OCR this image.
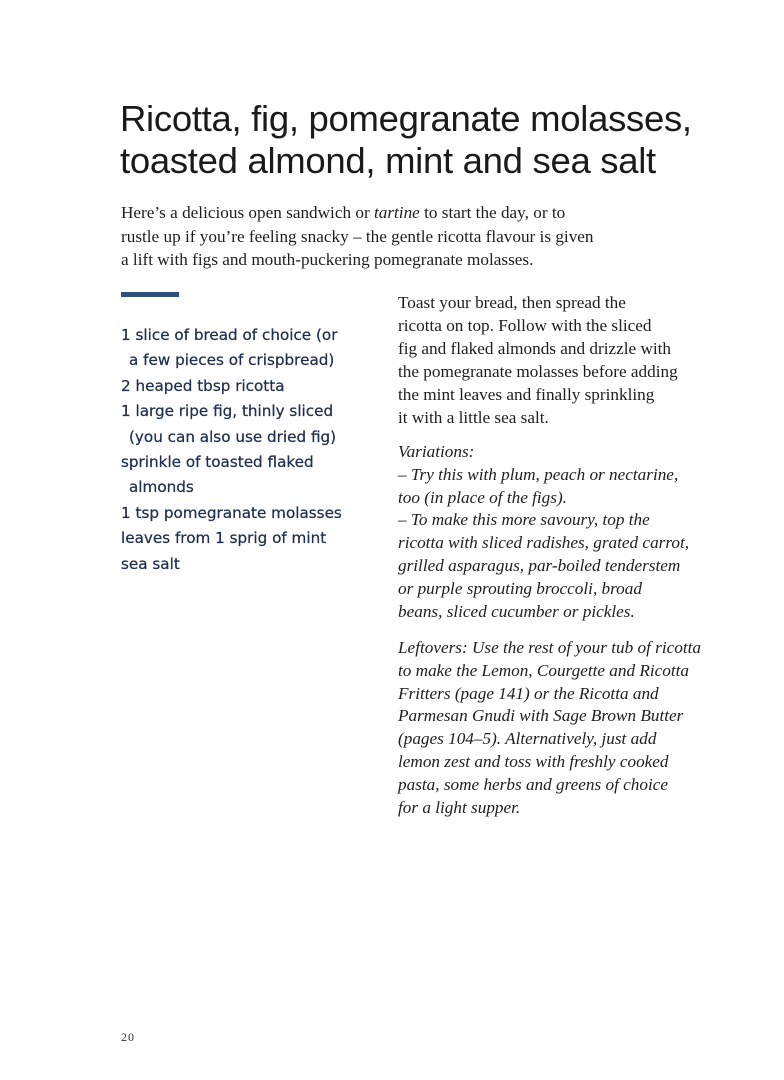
Ricotta, fig, pomegranate molasses,
toasted almond, mint and sea salt
Here’s a delicious open sandwich or tartine to start the day, or to
rustle up if you’re feeling snacky – the gentle ricotta flavour is given
a lift with figs and mouth-puckering pomegranate molasses.
1 slice of bread of choice (or
a few pieces of crispbread)
2 heaped tbsp ricotta
1 large ripe fig, thinly sliced
(you can also use dried fig)
sprinkle of toasted flaked
almonds
1 tsp pomegranate molasses
leaves from 1 sprig of mint
sea salt
Toast your bread, then spread the
ricotta on top. Follow with the sliced
fig and flaked almonds and drizzle with
the pomegranate molasses before adding
the mint leaves and finally sprinkling
it with a little sea salt.
Variations:
– Try this with plum, peach or nectarine,
too (in place of the figs).
– To make this more savoury, top the
ricotta with sliced radishes, grated carrot,
grilled asparagus, par-boiled tenderstem
or purple sprouting broccoli, broad
beans, sliced cucumber or pickles.
Leftovers: Use the rest of your tub of ricotta
to make the Lemon, Courgette and Ricotta
Fritters (page 141) or the Ricotta and
Parmesan Gnudi with Sage Brown Butter
(pages 104–5). Alternatively, just add
lemon zest and toss with freshly cooked
pasta, some herbs and greens of choice
for a light supper.
20
